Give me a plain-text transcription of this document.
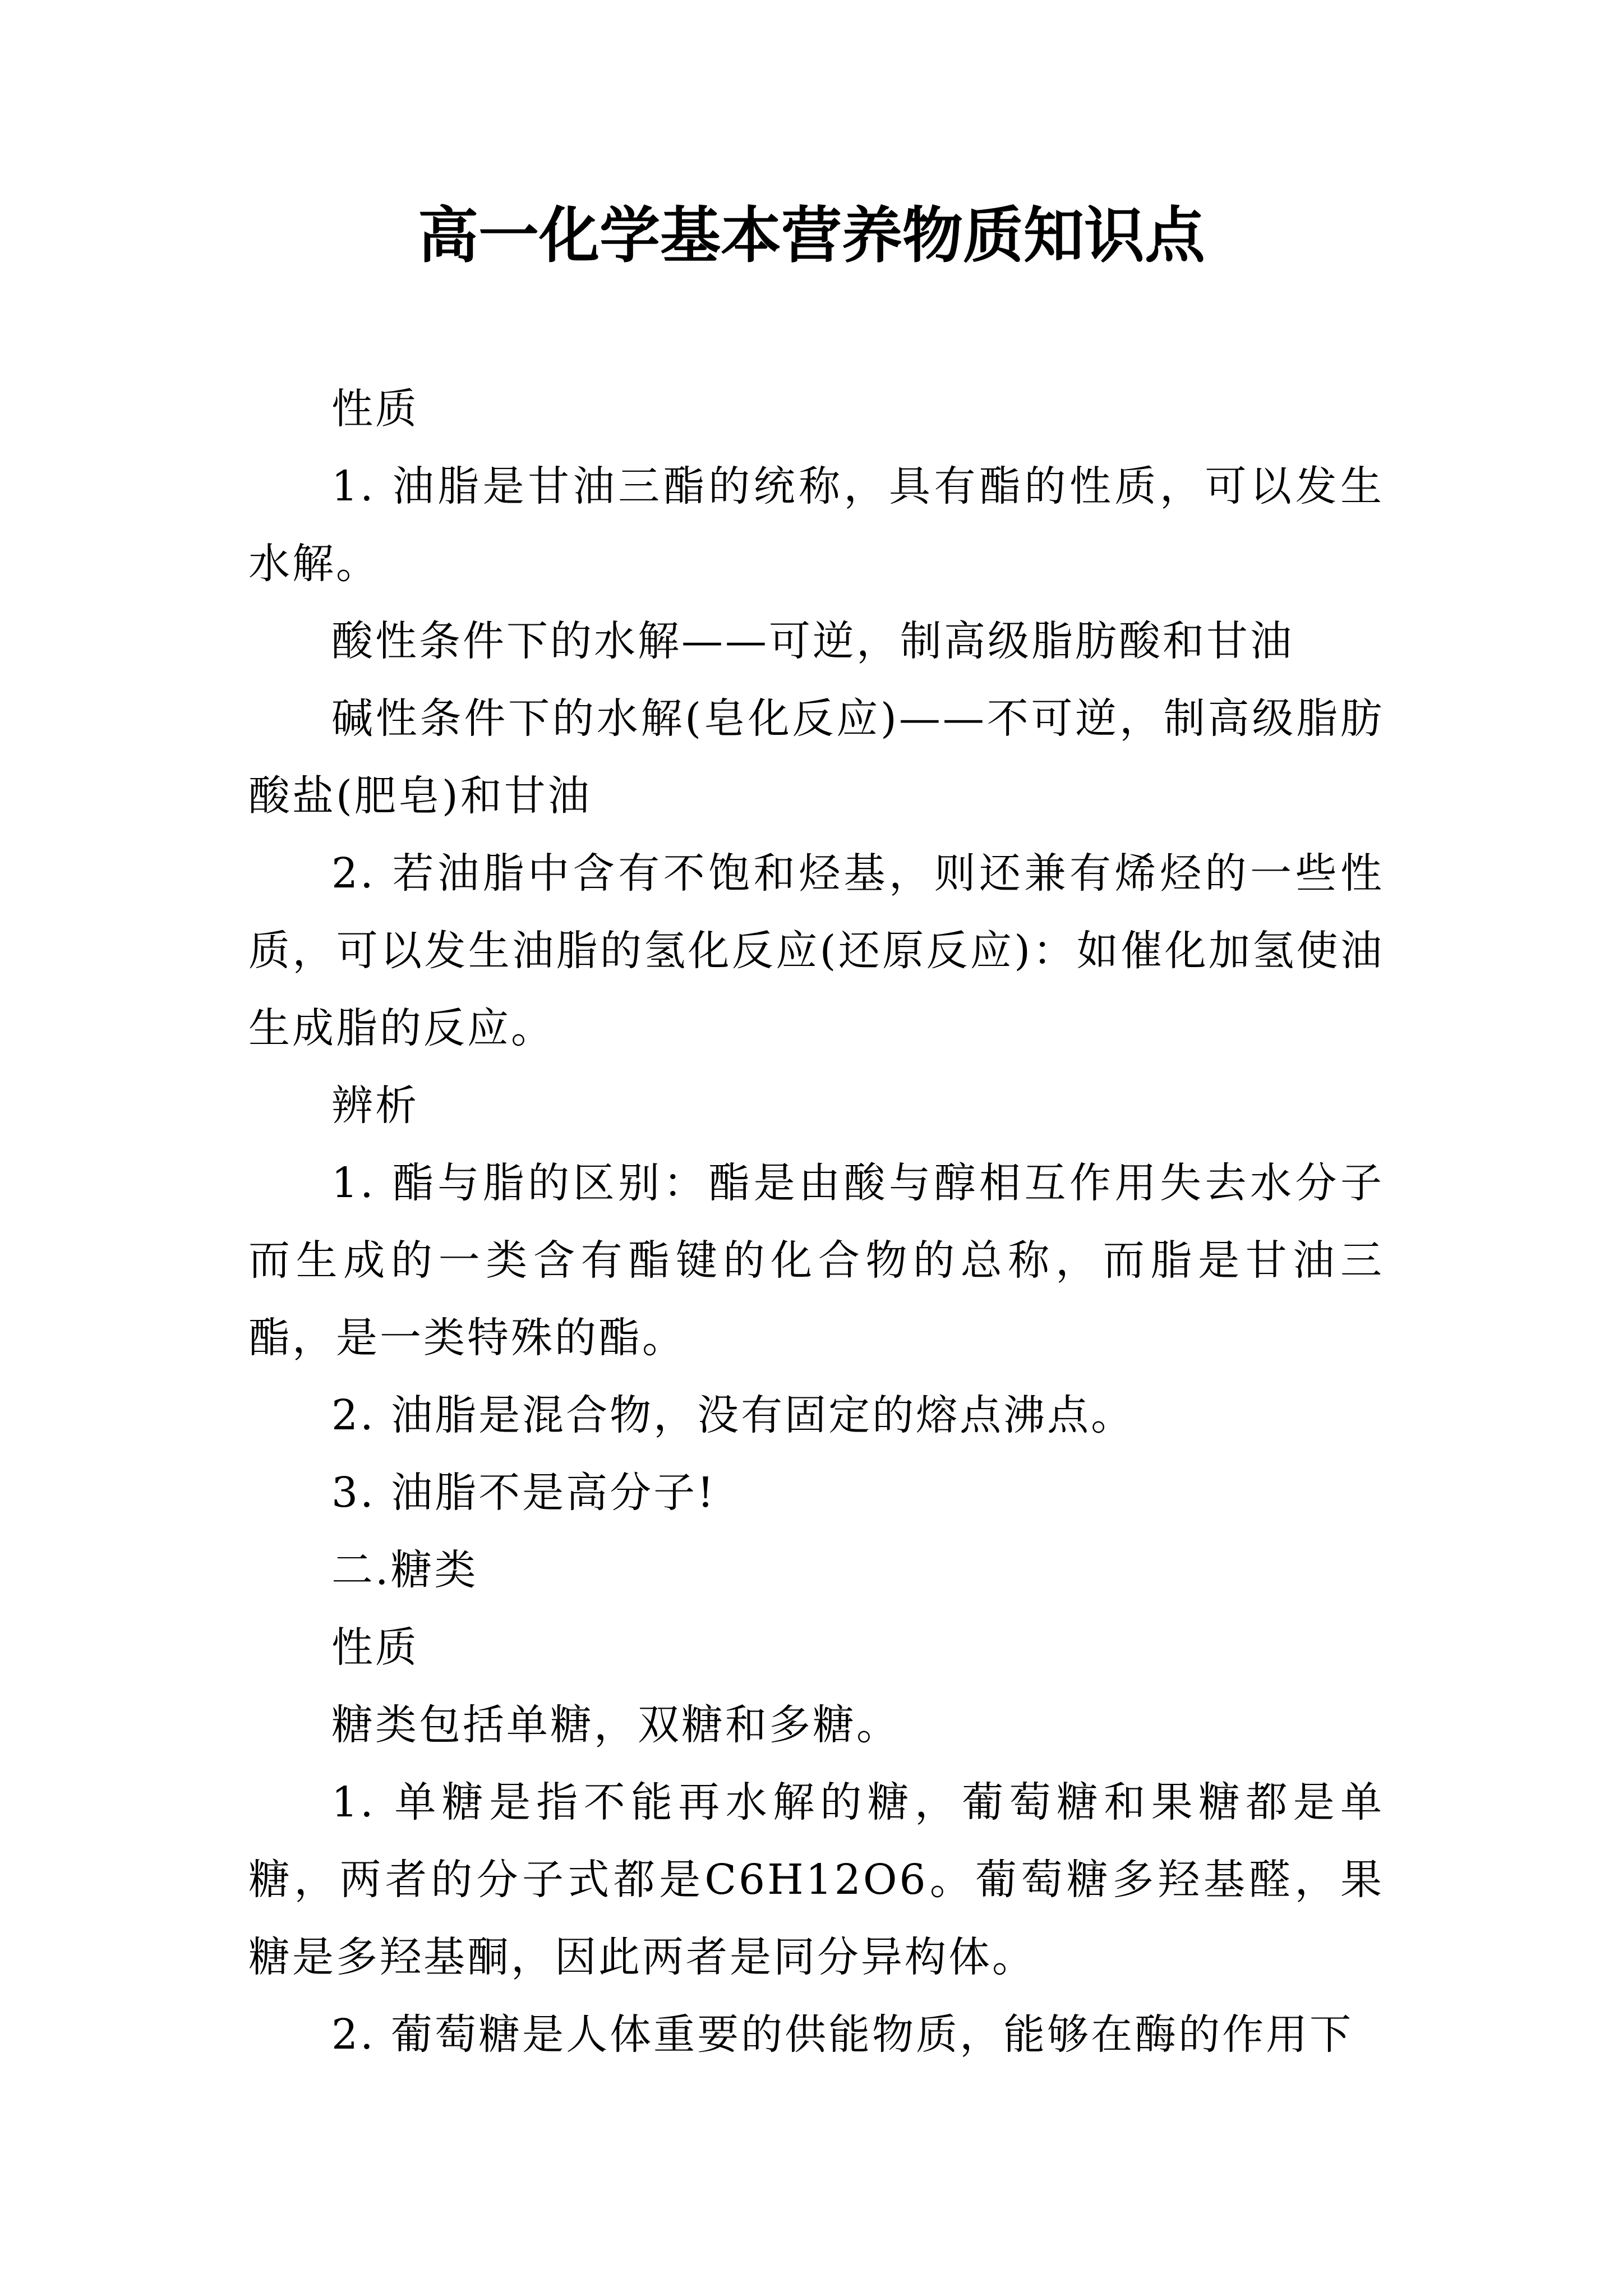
高一化学基本营养物质知识点

性质

1. 油脂是甘油三酯的统称，具有酯的性质，可以发生水解。

酸性条件下的水解——可逆，制高级脂肪酸和甘油

碱性条件下的水解(皂化反应)——不可逆，制高级脂肪酸盐(肥皂)和甘油

2. 若油脂中含有不饱和烃基，则还兼有烯烃的一些性质，可以发生油脂的氢化反应(还原反应)：如催化加氢使油生成脂的反应。

辨析

1. 酯与脂的区别：酯是由酸与醇相互作用失去水分子而生成的一类含有酯键的化合物的总称，而脂是甘油三酯，是一类特殊的酯。

2. 油脂是混合物，没有固定的熔点沸点。

3. 油脂不是高分子!

二.糖类

性质

糖类包括单糖，双糖和多糖。

1. 单糖是指不能再水解的糖，葡萄糖和果糖都是单糖，两者的分子式都是C6H12O6。葡萄糖多羟基醛，果糖是多羟基酮，因此两者是同分异构体。

2. 葡萄糖是人体重要的供能物质，能够在酶的作用下
